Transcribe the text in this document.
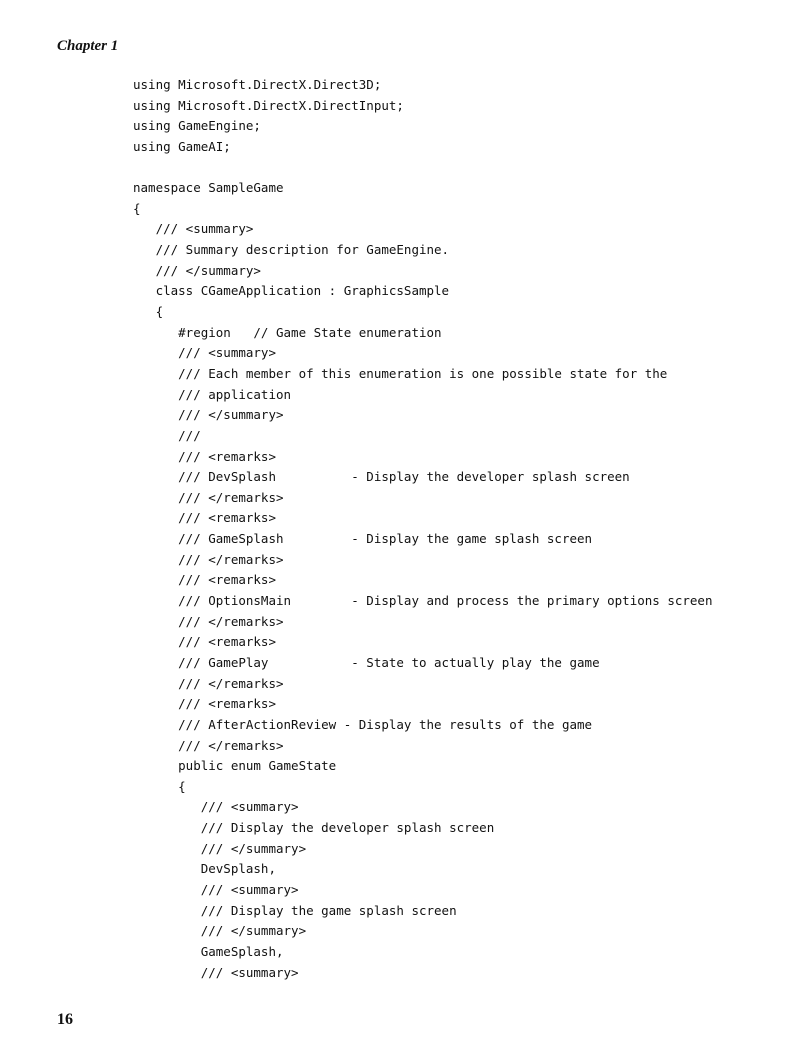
Chapter 1
using Microsoft.DirectX.Direct3D;
using Microsoft.DirectX.DirectInput;
using GameEngine;
using GameAI;
namespace SampleGame
{
/// <summary>
/// Summary description for GameEngine.
/// </summary>
class CGameApplication : GraphicsSample
{
#region   // Game State enumeration
/// <summary>
/// Each member of this enumeration is one possible state for the
/// application
/// </summary>
///
/// <remarks>
/// DevSplash          - Display the developer splash screen
/// </remarks>
/// <remarks>
/// GameSplash         - Display the game splash screen
/// </remarks>
/// <remarks>
/// OptionsMain        - Display and process the primary options screen
/// </remarks>
/// <remarks>
/// GamePlay           - State to actually play the game
/// </remarks>
/// <remarks>
/// AfterActionReview - Display the results of the game
/// </remarks>
public enum GameState
{
/// <summary>
/// Display the developer splash screen
/// </summary>
DevSplash,
/// <summary>
/// Display the game splash screen
/// </summary>
GameSplash,
/// <summary>
16
